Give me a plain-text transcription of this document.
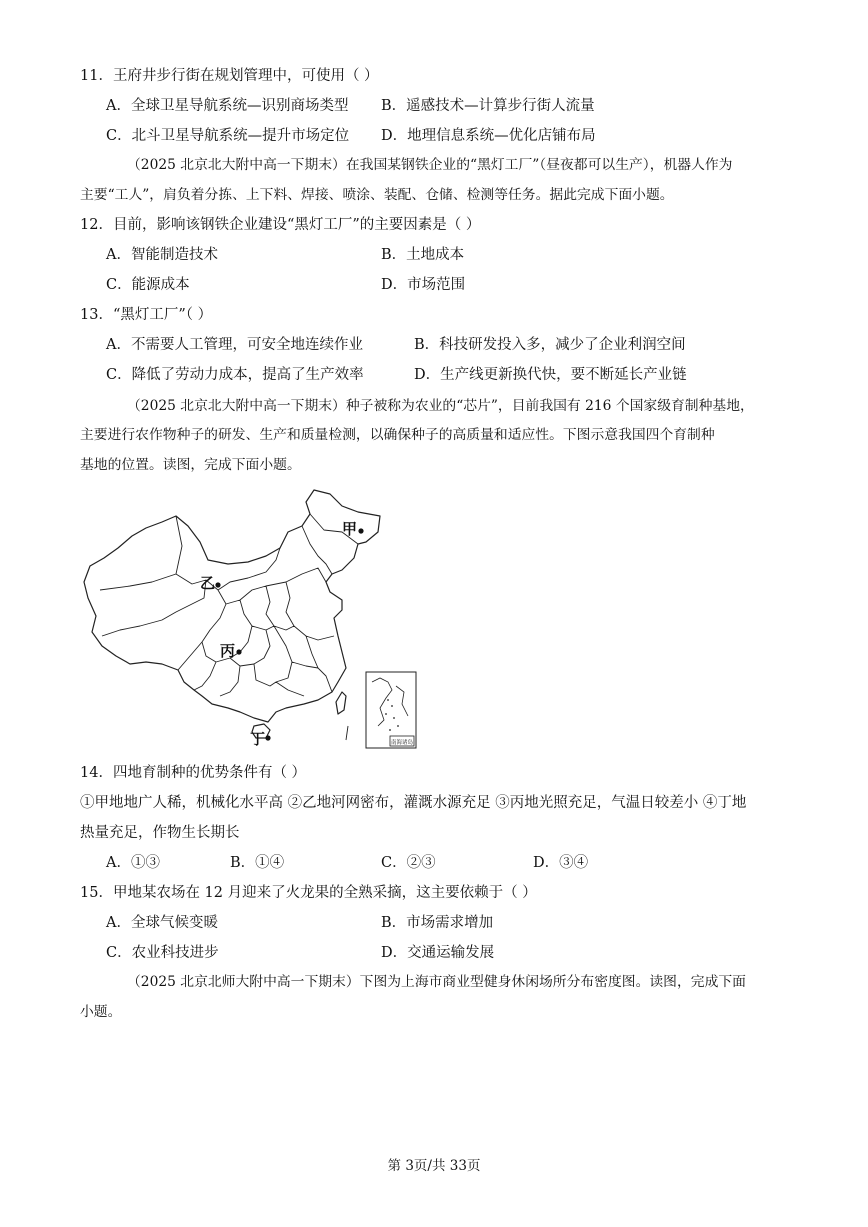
11．王府井步行街在规划管理中，可使用（ ）
A．全球卫星导航系统—识别商场类型 B．遥感技术—计算步行街人流量
C．北斗卫星导航系统—提升市场定位 D．地理信息系统—优化店铺布局
（2025 北京北大附中高一下期末）在我国某钢铁企业的“黑灯工厂”（昼夜都可以生产），机器人作为
主要“工人”，肩负着分拣、上下料、焊接、喷涂、装配、仓储、检测等任务。据此完成下面小题。
12．目前，影响该钢铁企业建设“黑灯工厂”的主要因素是（ ）
A．智能制造技术	B．土地成本
C．能源成本	D．市场范围
13．“黑灯工厂”（ ）
A．不需要人工管理，可安全地连续作业	B．科技研发投入多，减少了企业利润空间
C．降低了劳动力成本，提高了生产效率	D．生产线更新换代快，要不断延长产业链
（2025 北京北大附中高一下期末）种子被称为农业的“芯片”，目前我国有 216 个国家级育制种基地，
主要进行农作物种子的研发、生产和质量检测，以确保种子的高质量和适应性。下图示意我国四个育制种
基地的位置。读图，完成下面小题。
甲
乙
丙
丁	南海诸岛
14．四地育制种的优势条件有（ ）
①甲地地广人稀，机械化水平高 ②乙地河网密布，灌溉水源充足 ③丙地光照充足，气温日较差小 ④丁地
热量充足，作物生长期长
A．①③	B．①④	C．②③	D．③④
15．甲地某农场在 12 月迎来了火龙果的全熟采摘，这主要依赖于（ ）
A．全球气候变暖	B．市场需求增加
C．农业科技进步	D．交通运输发展
（2025 北京北师大附中高一下期末）下图为上海市商业型健身休闲场所分布密度图。读图，完成下面
小题。
第 3页/共 33页
